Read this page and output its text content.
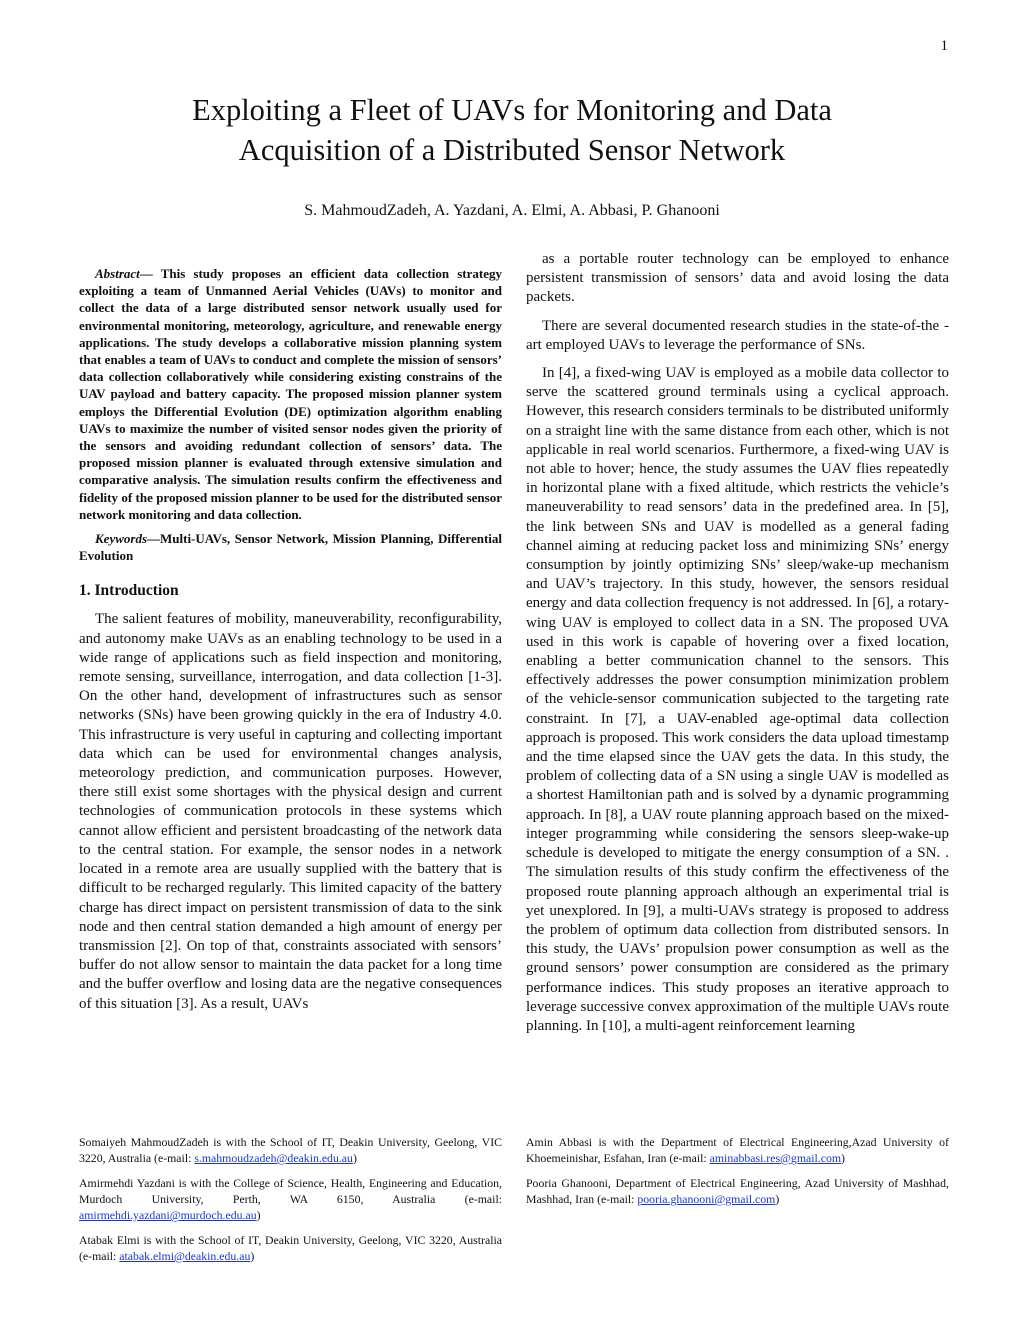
1
Exploiting a Fleet of UAVs for Monitoring and Data
Acquisition of a Distributed Sensor Network
S. MahmoudZadeh, A. Yazdani, A. Elmi, A. Abbasi, P. Ghanooni

Abstract— This study proposes an efficient data collection strategy exploiting a team of Unmanned Aerial Vehicles (UAVs) to monitor and collect the data of a large distributed sensor network usually used for environmental monitoring, meteorology, agriculture, and renewable energy applications. The study develops a collaborative mission planning system that enables a team of UAVs to conduct and complete the mission of sensors’ data collection collaboratively while considering existing constrains of the UAV payload and battery capacity. The proposed mission planner system employs the Differential Evolution (DE) optimization algorithm enabling UAVs to maximize the number of visited sensor nodes given the priority of the sensors and avoiding redundant collection of sensors’ data. The proposed mission planner is evaluated through extensive simulation and comparative analysis. The simulation results confirm the effectiveness and fidelity of the proposed mission planner to be used for the distributed sensor network monitoring and data collection.

Keywords—Multi-UAVs, Sensor Network, Mission Planning, Differential Evolution

1. Introduction

The salient features of mobility, maneuverability, reconfigurability, and autonomy make UAVs as an enabling technology to be used in a wide range of applications such as field inspection and monitoring, remote sensing, surveillance, interrogation, and data collection [1-3]. On the other hand, development of infrastructures such as sensor networks (SNs) have been growing quickly in the era of Industry 4.0. This infrastructure is very useful in capturing and collecting important data which can be used for environmental changes analysis, meteorology prediction, and communication purposes. However, there still exist some shortages with the physical design and current technologies of communication protocols in these systems which cannot allow efficient and persistent broadcasting of the network data to the central station. For example, the sensor nodes in a network located in a remote area are usually supplied with the battery that is difficult to be recharged regularly. This limited capacity of the battery charge has direct impact on persistent transmission of data to the sink node and then central station demanded a high amount of energy per transmission [2]. On top of that, constraints associated with sensors’ buffer do not allow sensor to maintain the data packet for a long time and the buffer overflow and losing data are the negative consequences of this situation [3]. As a result, UAVs

as a portable router technology can be employed to enhance persistent transmission of sensors’ data and avoid losing the data packets.

There are several documented research studies in the state-of-the -art employed UAVs to leverage the performance of SNs.

In [4], a fixed-wing UAV is employed as a mobile data collector to serve the scattered ground terminals using a cyclical approach. However, this research considers terminals to be distributed uniformly on a straight line with the same distance from each other, which is not applicable in real world scenarios. Furthermore, a fixed-wing UAV is not able to hover; hence, the study assumes the UAV flies repeatedly in horizontal plane with a fixed altitude, which restricts the vehicle’s maneuverability to read sensors’ data in the predefined area. In [5], the link between SNs and UAV is modelled as a general fading channel aiming at reducing packet loss and minimizing SNs’ energy consumption by jointly optimizing SNs’ sleep/wake-up mechanism and UAV’s trajectory. In this study, however, the sensors residual energy and data collection frequency is not addressed. In [6], a rotary-wing UAV is employed to collect data in a SN. The proposed UVA used in this work is capable of hovering over a fixed location, enabling a better communication channel to the sensors. This effectively addresses the power consumption minimization problem of the vehicle-sensor communication subjected to the targeting rate constraint. In [7], a UAV-enabled age-optimal data collection approach is proposed. This work considers the data upload timestamp and the time elapsed since the UAV gets the data. In this study, the problem of collecting data of a SN using a single UAV is modelled as a shortest Hamiltonian path and is solved by a dynamic programming approach. In [8], a UAV route planning approach based on the mixed-integer programming while considering the sensors sleep-wake-up schedule is developed to mitigate the energy consumption of a SN. . The simulation results of this study confirm the effectiveness of the proposed route planning approach although an experimental trial is yet unexplored. In [9], a multi-UAVs strategy is proposed to address the problem of optimum data collection from distributed sensors. In this study, the UAVs’ propulsion power consumption as well as the ground sensors’ power consumption are considered as the primary performance indices. This study proposes an iterative approach to leverage successive convex approximation of the multiple UAVs route planning. In [10], a multi-agent reinforcement learning

Somaiyeh MahmoudZadeh is with the School of IT, Deakin University, Geelong, VIC 3220, Australia (e-mail: s.mahmoudzadeh@deakin.edu.au)

Amirmehdi Yazdani is with the College of Science, Health, Engineering and Education, Murdoch University, Perth, WA 6150, Australia (e-mail: amirmehdi.yazdani@murdoch.edu.au)

Atabak Elmi is with the School of IT, Deakin University, Geelong, VIC 3220, Australia (e-mail: atabak.elmi@deakin.edu.au)

Amin Abbasi is with the Department of Electrical Engineering,Azad University of Khoemeinishar, Esfahan, Iran (e-mail: aminabbasi.res@gmail.com)

Pooria Ghanooni, Department of Electrical Engineering, Azad University of Mashhad, Mashhad, Iran (e-mail: pooria.ghanooni@gmail.com)
